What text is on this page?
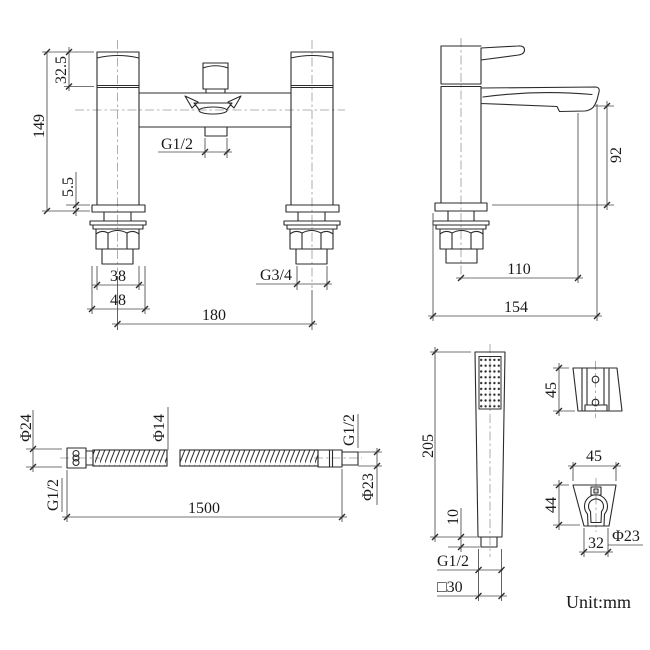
32.5
149
5.5
G1/2
38
48
G3/4
180
92
110
154
Φ24
G1/2
Φ14
1500
G1/2
Φ23
205
10
G1/2
□30
45
45
44
Φ23
32
Unit:mm
